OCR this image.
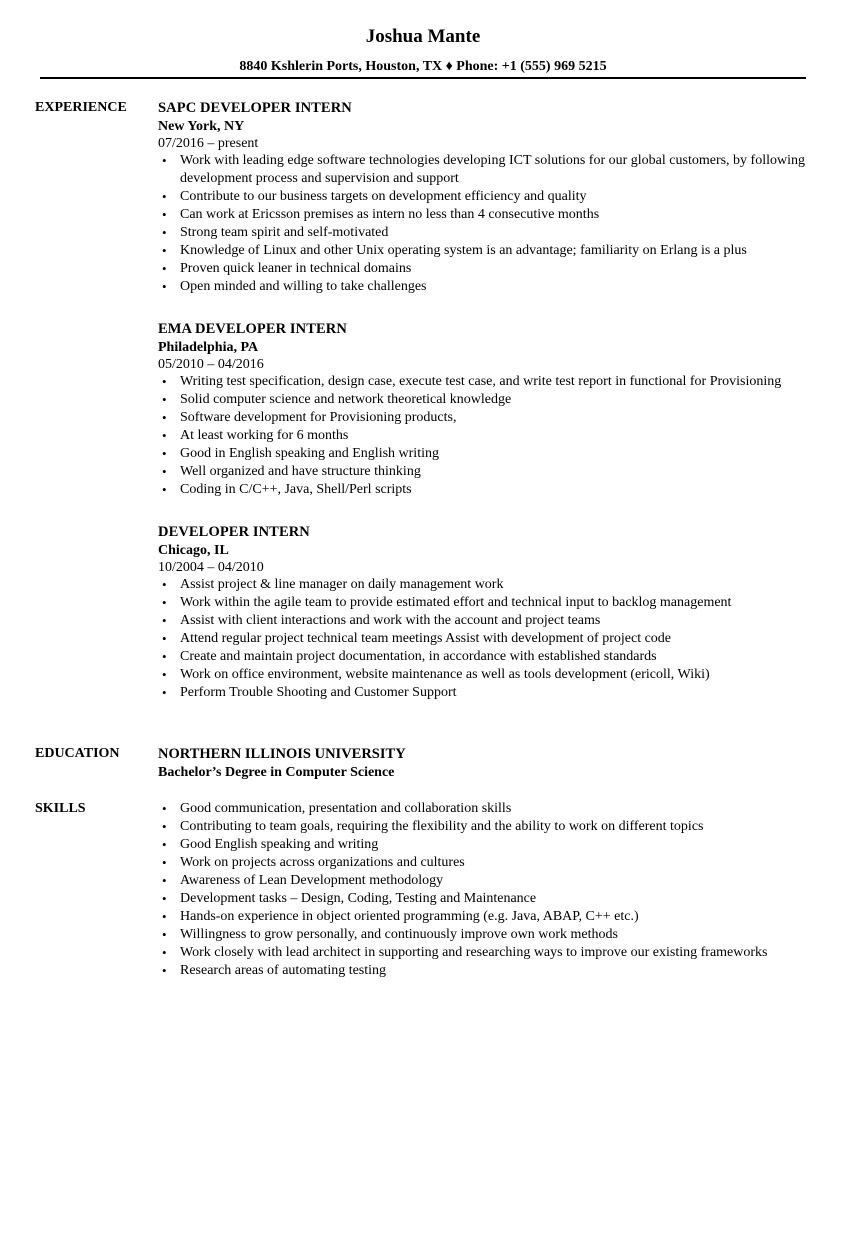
Joshua Mante
8840 Kshlerin Ports, Houston, TX ♦ Phone: +1 (555) 969 5215
EXPERIENCE SAPC DEVELOPER INTERN
New York, NY
07/2016 – present
• Work with leading edge software technologies developing ICT solutions for our global customers, by following development process and supervision and support
• Contribute to our business targets on development efficiency and quality
• Can work at Ericsson premises as intern no less than 4 consecutive months
• Strong team spirit and self-motivated
• Knowledge of Linux and other Unix operating system is an advantage; familiarity on Erlang is a plus
• Proven quick leaner in technical domains
• Open minded and willing to take challenges
EMA DEVELOPER INTERN
Philadelphia, PA
05/2010 – 04/2016
• Writing test specification, design case, execute test case, and write test report in functional for Provisioning
• Solid computer science and network theoretical knowledge
• Software development for Provisioning products,
• At least working for 6 months
• Good in English speaking and English writing
• Well organized and have structure thinking
• Coding in C/C++, Java, Shell/Perl scripts
DEVELOPER INTERN
Chicago, IL
10/2004 – 04/2010
• Assist project & line manager on daily management work
• Work within the agile team to provide estimated effort and technical input to backlog management
• Assist with client interactions and work with the account and project teams
• Attend regular project technical team meetings Assist with development of project code
• Create and maintain project documentation, in accordance with established standards
• Work on office environment, website maintenance as well as tools development (ericoll, Wiki)
• Perform Trouble Shooting and Customer Support
EDUCATION	NORTHERN ILLINOIS UNIVERSITY
Bachelor’s Degree in Computer Science
SKILLS
•	Good communication, presentation and collaboration skills
• Contributing to team goals, requiring the flexibility and the ability to work on different topics
• Good English speaking and writing
• Work on projects across organizations and cultures
• Awareness of Lean Development methodology
• Development tasks – Design, Coding, Testing and Maintenance
• Hands-on experience in object oriented programming (e.g. Java, ABAP, C++ etc.)
• Willingness to grow personally, and continuously improve own work methods
• Work closely with lead architect in supporting and researching ways to improve our existing frameworks
• Research areas of automating testing
